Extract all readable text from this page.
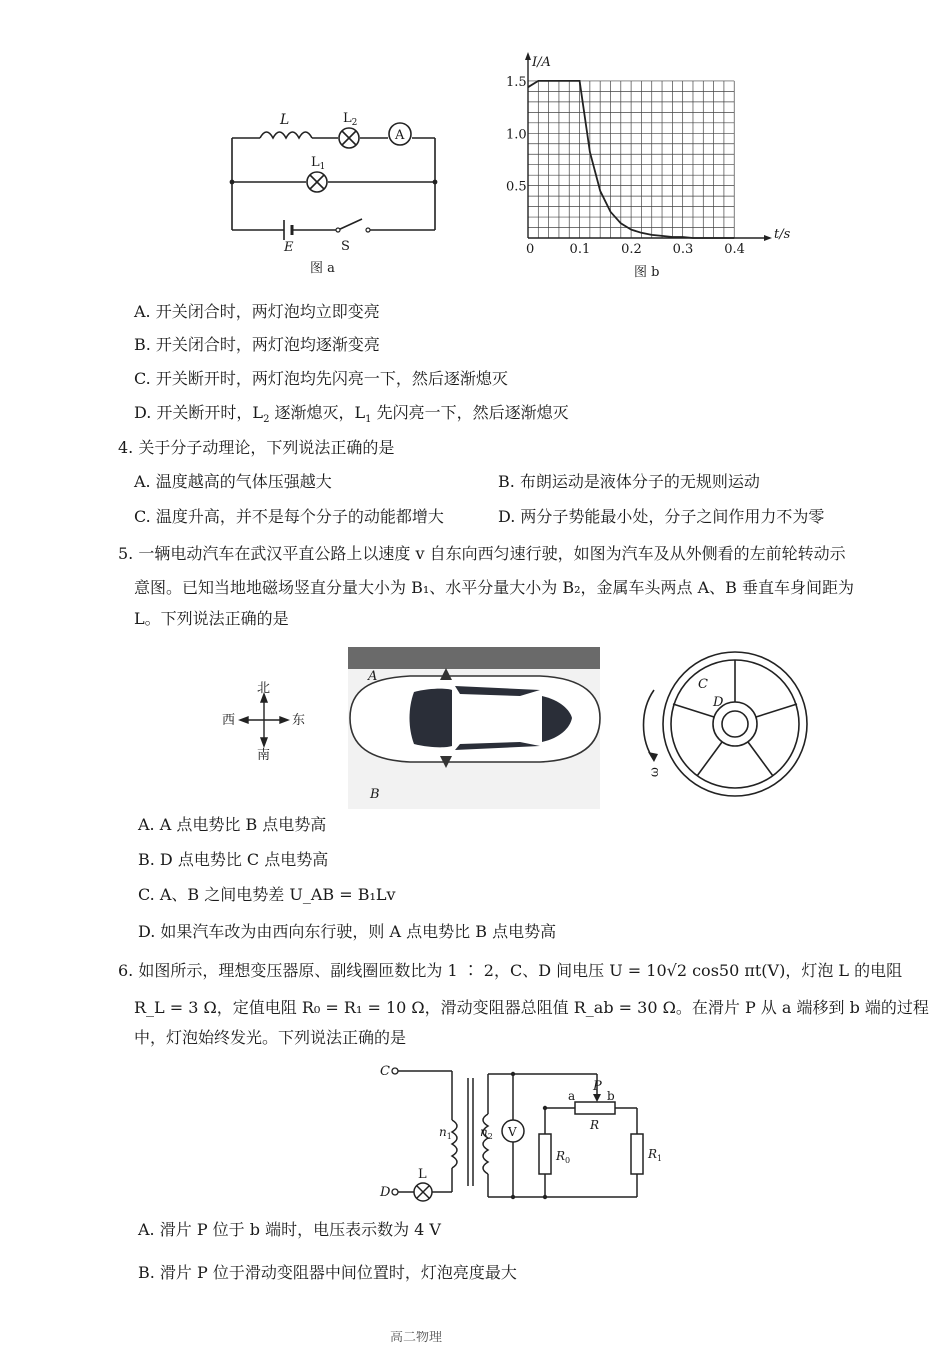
L	$L_2$
A
$L_1$
E	S
图 a
0.1 0.2 0.3 0.4
0.5
1.0
1.5
I/A
t/s
0
图 b
A. 开关闭合时，两灯泡均立即变亮
B. 开关闭合时，两灯泡均逐渐变亮
C. 开关断开时，两灯泡均先闪亮一下，然后逐渐熄灭
D. 开关断开时，$L_2$ 逐渐熄灭，$L_1$ 先闪亮一下，然后逐渐熄灭
4. 关于分子动理论，下列说法正确的是
A. 温度越高的气体压强越大	B. 布朗运动是液体分子的无规则运动
C. 温度升高，并不是每个分子的动能都增大	D. 两分子势能最小处，分子之间作用力不为零
5. 一辆电动汽车在武汉平直公路上以速度 v 自东向西匀速行驶，如图为汽车及从外侧看的左前轮转动示
意图。已知当地地磁场竖直分量大小为 B₁、水平分量大小为 B₂，金属车头两点 A、B 垂直车身间距为
L。下列说法正确的是
北
南
西	东
A
B
C
D
ω
A. A 点电势比 B 点电势高
B. D 点电势比 C 点电势高
C. A、B 之间电势差 U_AB = B₁Lv
D. 如果汽车改为由西向东行驶，则 A 点电势比 B 点电势高
6. 如图所示，理想变压器原、副线圈匝数比为 1 ∶ 2，C、D 间电压 U = 10√2 cos50 πt(V)，灯泡 L 的电阻
R_L = 3 Ω，定值电阻 R₀ = R₁ = 10 Ω，滑动变阻器总阻值 R_ab = 30 Ω。在滑片 P 从 a 端移到 b 端的过程
中，灯泡始终发光。下列说法正确的是
C
D
L
$n_1$ $n_2$ V
P
a	b
R
$R_0$	$R_1$
A. 滑片 P 位于 b 端时，电压表示数为 4 V
B. 滑片 P 位于滑动变阻器中间位置时，灯泡亮度最大
高二物理
